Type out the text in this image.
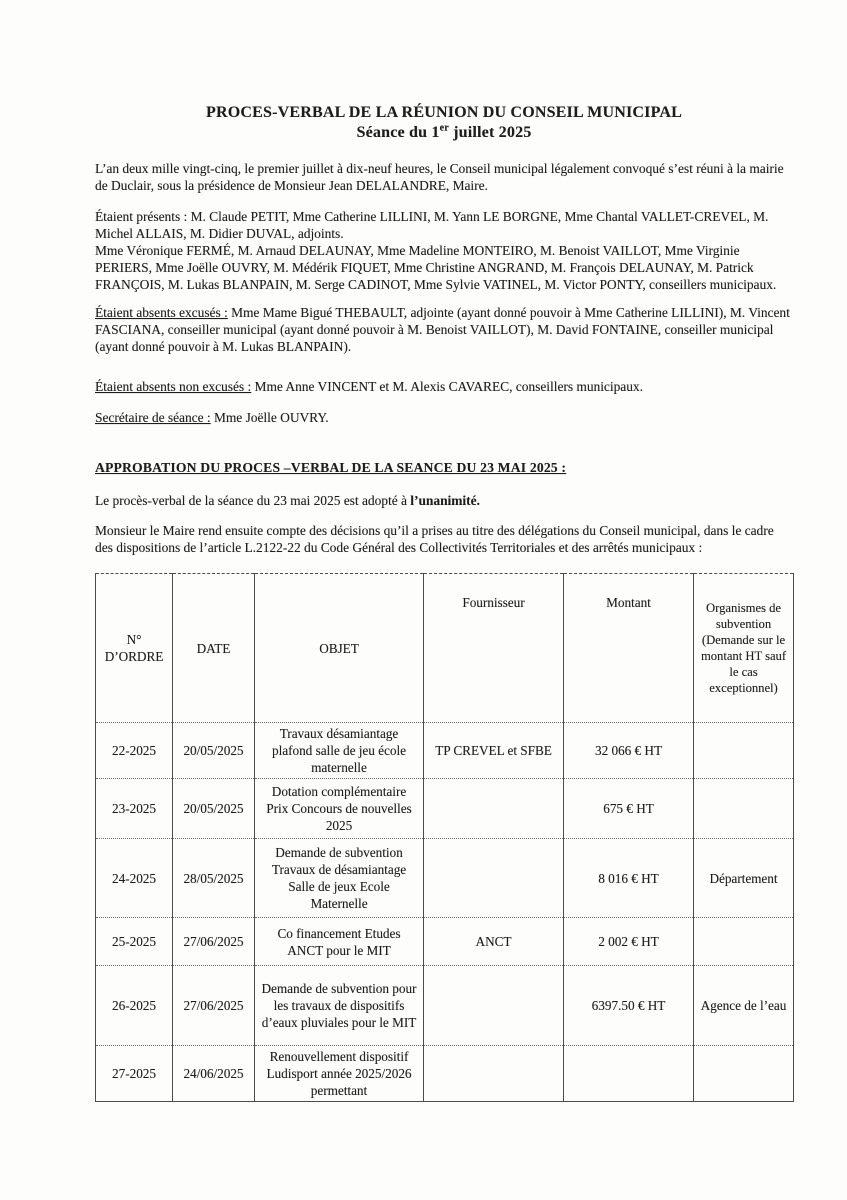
PROCES-VERBAL DE LA RÉUNION DU CONSEIL MUNICIPAL
Séance du 1er juillet 2025

L’an deux mille vingt-cinq, le premier juillet à dix-neuf heures, le Conseil municipal légalement convoqué s’est réuni à la mairie de Duclair, sous la présidence de Monsieur Jean DELALANDRE, Maire.

Étaient présents : M. Claude PETIT, Mme Catherine LILLINI, M. Yann LE BORGNE, Mme Chantal VALLET-CREVEL, M. Michel ALLAIS, M. Didier DUVAL, adjoints.
Mme Véronique FERMÉ, M. Arnaud DELAUNAY, Mme Madeline MONTEIRO, M. Benoist VAILLOT, Mme Virginie PERIERS, Mme Joëlle OUVRY, M. Médérik FIQUET, Mme Christine ANGRAND, M. François DELAUNAY, M. Patrick FRANÇOIS, M. Lukas BLANPAIN, M. Serge CADINOT, Mme Sylvie VATINEL, M. Victor PONTY, conseillers municipaux.

Étaient absents excusés : Mme Mame Bigué THEBAULT, adjointe (ayant donné pouvoir à Mme Catherine LILLINI), M. Vincent FASCIANA, conseiller municipal (ayant donné pouvoir à M. Benoist VAILLOT), M. David FONTAINE, conseiller municipal (ayant donné pouvoir à M. Lukas BLANPAIN).

Étaient absents non excusés : Mme Anne VINCENT et M. Alexis CAVAREC, conseillers municipaux.

Secrétaire de séance : Mme Joëlle OUVRY.

APPROBATION DU PROCES –VERBAL DE LA SEANCE DU 23 MAI 2025 :

Le procès-verbal de la séance du 23 mai 2025 est adopté à l’unanimité.

Monsieur le Maire rend ensuite compte des décisions qu’il a prises au titre des délégations du Conseil municipal, dans le cadre des dispositions de l’article L.2122-22 du Code Général des Collectivités Territoriales et des arrêtés municipaux :

N° D’ORDRE	DATE	OBJET	Fournisseur	Montant	Organismes de subvention (Demande sur le montant HT sauf le cas exceptionnel)
22-2025	20/05/2025	Travaux désamiantage plafond salle de jeu école maternelle	TP CREVEL et SFBE	32 066 € HT	
23-2025	20/05/2025	Dotation complémentaire Prix Concours de nouvelles 2025		675 € HT	
24-2025	28/05/2025	Demande de subvention Travaux de désamiantage Salle de jeux Ecole Maternelle		8 016 € HT	Département
25-2025	27/06/2025	Co financement Etudes ANCT pour le MIT	ANCT	2 002 € HT	
26-2025	27/06/2025	Demande de subvention pour les travaux de dispositifs d’eaux pluviales pour le MIT		6397.50 € HT	Agence de l’eau
27-2025	24/06/2025	Renouvellement dispositif Ludisport année 2025/2026 permettant			
